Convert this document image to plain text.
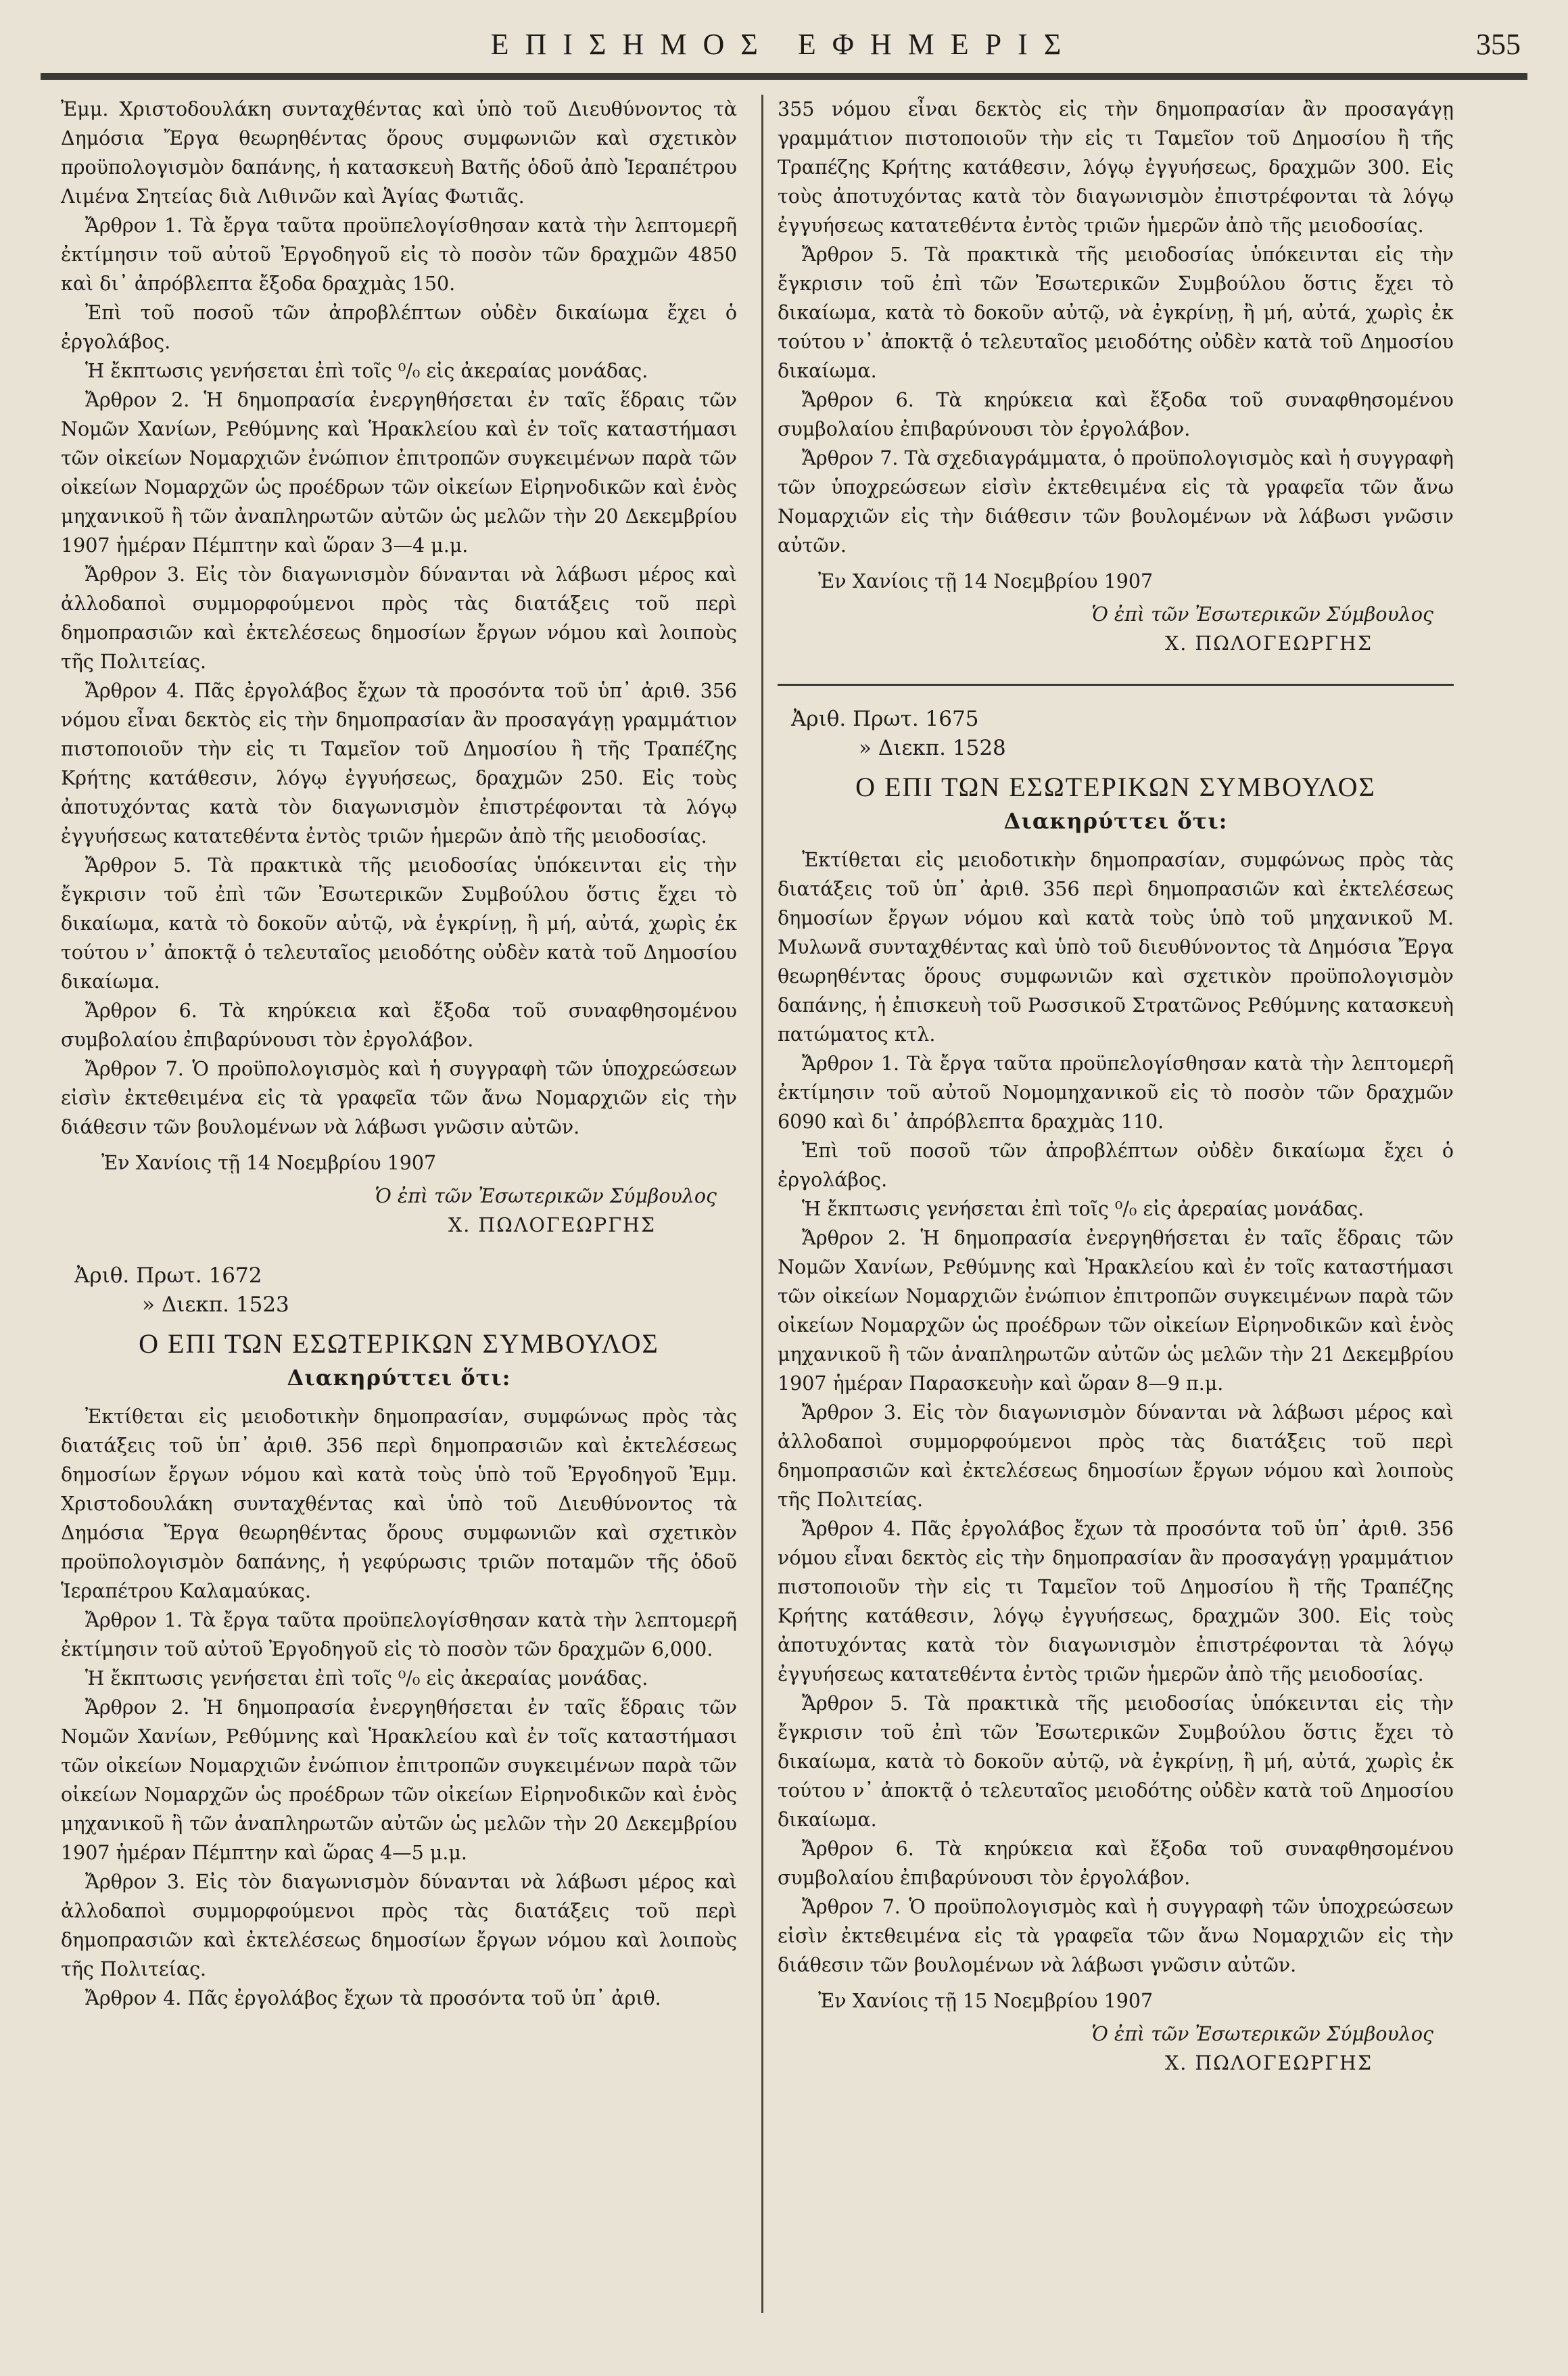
ΕΠΙΣΗΜΟΣ ΕΦΗΜΕΡΙΣ	355

Ἐμμ. Χριστοδουλάκη συνταχθέντας καὶ ὑπὸ τοῦ Διευθύνοντος τὰ Δημόσια Ἔργα θεωρηθέντας ὅρους συμφωνιῶν καὶ σχετικὸν προϋπολογισμὸν δαπάνης, ἡ κατασκευὴ Βατῆς ὁδοῦ ἀπὸ Ἱεραπέτρου Λιμένα Σητείας διὰ Λιθινῶν καὶ Ἁγίας Φωτιᾶς.

Ἄρθρον 1. Τὰ ἔργα ταῦτα προϋπελογίσθησαν κατὰ τὴν λεπτομερῆ ἐκτίμησιν τοῦ αὐτοῦ Ἐργοδηγοῦ εἰς τὸ ποσὸν τῶν δραχμῶν 4850 καὶ δι᾽ ἀπρόβλεπτα ἔξοδα δραχμὰς 150.

Ἐπὶ τοῦ ποσοῦ τῶν ἀπροβλέπτων οὐδὲν δικαίωμα ἔχει ὁ ἐργολάβος.

Ἡ ἔκπτωσις γενήσεται ἐπὶ τοῖς ⁰/₀ εἰς ἀκεραίας μονάδας.

Ἄρθρον 2. Ἡ δημοπρασία ἐνεργηθήσεται ἐν ταῖς ἕδραις τῶν Νομῶν Χανίων, Ρεθύμνης καὶ Ἡρακλείου καὶ ἐν τοῖς καταστήμασι τῶν οἰκείων Νομαρχιῶν ἐνώπιον ἐπιτροπῶν συγκειμένων παρὰ τῶν οἰκείων Νομαρχῶν ὡς προέδρων τῶν οἰκείων Εἰρηνοδικῶν καὶ ἑνὸς μηχανικοῦ ἢ τῶν ἀναπληρωτῶν αὐτῶν ὡς μελῶν τὴν 20 Δεκεμβρίου 1907 ἡμέραν Πέμπτην καὶ ὥραν 3—4 μ.μ.

Ἄρθρον 3. Εἰς τὸν διαγωνισμὸν δύνανται νὰ λάβωσι μέρος καὶ ἀλλοδαποὶ συμμορφούμενοι πρὸς τὰς διατάξεις τοῦ περὶ δημοπρασιῶν καὶ ἐκτελέσεως δημοσίων ἔργων νόμου καὶ λοιποὺς τῆς Πολιτείας.

Ἄρθρον 4. Πᾶς ἐργολάβος ἔχων τὰ προσόντα τοῦ ὑπ᾽ ἀριθ. 356 νόμου εἶναι δεκτὸς εἰς τὴν δημοπρασίαν ἂν προσαγάγῃ γραμμάτιον πιστοποιοῦν τὴν εἰς τι Ταμεῖον τοῦ Δημοσίου ἢ τῆς Τραπέζης Κρήτης κατάθεσιν, λόγῳ ἐγγυήσεως, δραχμῶν 250. Εἰς τοὺς ἀποτυχόντας κατὰ τὸν διαγωνισμὸν ἐπιστρέφονται τὰ λόγῳ ἐγγυήσεως κατατεθέντα ἐντὸς τριῶν ἡμερῶν ἀπὸ τῆς μειοδοσίας.

Ἄρθρον 5. Τὰ πρακτικὰ τῆς μειοδοσίας ὑπόκεινται εἰς τὴν ἔγκρισιν τοῦ ἐπὶ τῶν Ἐσωτερικῶν Συμβούλου ὅστις ἔχει τὸ δικαίωμα, κατὰ τὸ δοκοῦν αὐτῷ, νὰ ἐγκρίνῃ, ἢ μή, αὐτά, χωρὶς ἐκ τούτου ν᾽ ἀποκτᾷ ὁ τελευταῖος μειοδότης οὐδὲν κατὰ τοῦ Δημοσίου δικαίωμα.

Ἄρθρον 6. Τὰ κηρύκεια καὶ ἔξοδα τοῦ συναφθησομένου συμβολαίου ἐπιβαρύνουσι τὸν ἐργολάβον.

Ἄρθρον 7. Ὁ προϋπολογισμὸς καὶ ἡ συγγραφὴ τῶν ὑποχρεώσεων εἰσὶν ἐκτεθειμένα εἰς τὰ γραφεῖα τῶν ἄνω Νομαρχιῶν εἰς τὴν διάθεσιν τῶν βουλομένων νὰ λάβωσι γνῶσιν αὐτῶν.

Ἐν Χανίοις τῇ 14 Νοεμβρίου 1907
Ὁ ἐπὶ τῶν Ἐσωτερικῶν Σύμβουλος
Χ. ΠΩΛΟΓΕΩΡΓΗΣ
Ἀριθ. Πρωτ. 1672
» Διεκπ. 1523
Ο ΕΠΙ ΤΩΝ ΕΣΩΤΕΡΙΚΩΝ ΣΥΜΒΟΥΛΟΣ
Διακηρύττει ὅτι:

Ἐκτίθεται εἰς μειοδοτικὴν δημοπρασίαν, συμφώνως πρὸς τὰς διατάξεις τοῦ ὑπ᾽ ἀριθ. 356 περὶ δημοπρασιῶν καὶ ἐκτελέσεως δημοσίων ἔργων νόμου καὶ κατὰ τοὺς ὑπὸ τοῦ Ἐργοδηγοῦ Ἐμμ. Χριστοδουλάκη συνταχθέντας καὶ ὑπὸ τοῦ Διευθύνοντος τὰ Δημόσια Ἔργα θεωρηθέντας ὅρους συμφωνιῶν καὶ σχετικὸν προϋπολογισμὸν δαπάνης, ἡ γεφύρωσις τριῶν ποταμῶν τῆς ὁδοῦ Ἱεραπέτρου Καλαμαύκας.

Ἄρθρον 1. Τὰ ἔργα ταῦτα προϋπελογίσθησαν κατὰ τὴν λεπτομερῆ ἐκτίμησιν τοῦ αὐτοῦ Ἐργοδηγοῦ εἰς τὸ ποσὸν τῶν δραχμῶν 6,000.

Ἡ ἔκπτωσις γενήσεται ἐπὶ τοῖς ⁰/₀ εἰς ἀκεραίας μονάδας.

Ἄρθρον 2. Ἡ δημοπρασία ἐνεργηθήσεται ἐν ταῖς ἕδραις τῶν Νομῶν Χανίων, Ρεθύμνης καὶ Ἡρακλείου καὶ ἐν τοῖς καταστήμασι τῶν οἰκείων Νομαρχιῶν ἐνώπιον ἐπιτροπῶν συγκειμένων παρὰ τῶν οἰκείων Νομαρχῶν ὡς προέδρων τῶν οἰκείων Εἰρηνοδικῶν καὶ ἑνὸς μηχανικοῦ ἢ τῶν ἀναπληρωτῶν αὐτῶν ὡς μελῶν τὴν 20 Δεκεμβρίου 1907 ἡμέραν Πέμπτην καὶ ὥρας 4—5 μ.μ.

Ἄρθρον 3. Εἰς τὸν διαγωνισμὸν δύνανται νὰ λάβωσι μέρος καὶ ἀλλοδαποὶ συμμορφούμενοι πρὸς τὰς διατάξεις τοῦ περὶ δημοπρασιῶν καὶ ἐκτελέσεως δημοσίων ἔργων νόμου καὶ λοιποὺς τῆς Πολιτείας.

Ἄρθρον 4. Πᾶς ἐργολάβος ἔχων τὰ προσόντα τοῦ ὑπ᾽ ἀριθ.

355 νόμου εἶναι δεκτὸς εἰς τὴν δημοπρασίαν ἂν προσαγάγῃ γραμμάτιον πιστοποιοῦν τὴν εἰς τι Ταμεῖον τοῦ Δημοσίου ἢ τῆς Τραπέζης Κρήτης κατάθεσιν, λόγῳ ἐγγυήσεως, δραχμῶν 300. Εἰς τοὺς ἀποτυχόντας κατὰ τὸν διαγωνισμὸν ἐπιστρέφονται τὰ λόγῳ ἐγγυήσεως κατατεθέντα ἐντὸς τριῶν ἡμερῶν ἀπὸ τῆς μειοδοσίας.

Ἄρθρον 5. Τὰ πρακτικὰ τῆς μειοδοσίας ὑπόκεινται εἰς τὴν ἔγκρισιν τοῦ ἐπὶ τῶν Ἐσωτερικῶν Συμβούλου ὅστις ἔχει τὸ δικαίωμα, κατὰ τὸ δοκοῦν αὐτῷ, νὰ ἐγκρίνῃ, ἢ μή, αὐτά, χωρὶς ἐκ τούτου ν᾽ ἀποκτᾷ ὁ τελευταῖος μειοδότης οὐδὲν κατὰ τοῦ Δημοσίου δικαίωμα.

Ἄρθρον 6. Τὰ κηρύκεια καὶ ἔξοδα τοῦ συναφθησομένου συμβολαίου ἐπιβαρύνουσι τὸν ἐργολάβον.

Ἄρθρον 7. Τὰ σχεδιαγράμματα, ὁ προϋπολογισμὸς καὶ ἡ συγγραφὴ τῶν ὑποχρεώσεων εἰσὶν ἐκτεθειμένα εἰς τὰ γραφεῖα τῶν ἄνω Νομαρχιῶν εἰς τὴν διάθεσιν τῶν βουλομένων νὰ λάβωσι γνῶσιν αὐτῶν.

Ἐν Χανίοις τῇ 14 Νοεμβρίου 1907
Ὁ ἐπὶ τῶν Ἐσωτερικῶν Σύμβουλος
Χ. ΠΩΛΟΓΕΩΡΓΗΣ
Ἀριθ. Πρωτ. 1675
» Διεκπ. 1528
Ο ΕΠΙ ΤΩΝ ΕΣΩΤΕΡΙΚΩΝ ΣΥΜΒΟΥΛΟΣ
Διακηρύττει ὅτι:

Ἐκτίθεται εἰς μειοδοτικὴν δημοπρασίαν, συμφώνως πρὸς τὰς διατάξεις τοῦ ὑπ᾽ ἀριθ. 356 περὶ δημοπρασιῶν καὶ ἐκτελέσεως δημοσίων ἔργων νόμου καὶ κατὰ τοὺς ὑπὸ τοῦ μηχανικοῦ Μ. Μυλωνᾶ συνταχθέντας καὶ ὑπὸ τοῦ διευθύνοντος τὰ Δημόσια Ἔργα θεωρηθέντας ὅρους συμφωνιῶν καὶ σχετικὸν προϋπολογισμὸν δαπάνης, ἡ ἐπισκευὴ τοῦ Ρωσσικοῦ Στρατῶνος Ρεθύμνης κατασκευὴ πατώματος κτλ.

Ἄρθρον 1. Τὰ ἔργα ταῦτα προϋπελογίσθησαν κατὰ τὴν λεπτομερῆ ἐκτίμησιν τοῦ αὐτοῦ Νομομηχανικοῦ εἰς τὸ ποσὸν τῶν δραχμῶν 6090 καὶ δι᾽ ἀπρόβλεπτα δραχμὰς 110.

Ἐπὶ τοῦ ποσοῦ τῶν ἀπροβλέπτων οὐδὲν δικαίωμα ἔχει ὁ ἐργολάβος.

Ἡ ἔκπτωσις γενήσεται ἐπὶ τοῖς ⁰/₀ εἰς ἀρεραίας μονάδας.

Ἄρθρον 2. Ἡ δημοπρασία ἐνεργηθήσεται ἐν ταῖς ἕδραις τῶν Νομῶν Χανίων, Ρεθύμνης καὶ Ἡρακλείου καὶ ἐν τοῖς καταστήμασι τῶν οἰκείων Νομαρχιῶν ἐνώπιον ἐπιτροπῶν συγκειμένων παρὰ τῶν οἰκείων Νομαρχῶν ὡς προέδρων τῶν οἰκείων Εἰρηνοδικῶν καὶ ἑνὸς μηχανικοῦ ἢ τῶν ἀναπληρωτῶν αὐτῶν ὡς μελῶν τὴν 21 Δεκεμβρίου 1907 ἡμέραν Παρασκευὴν καὶ ὥραν 8—9 π.μ.

Ἄρθρον 3. Εἰς τὸν διαγωνισμὸν δύνανται νὰ λάβωσι μέρος καὶ ἀλλοδαποὶ συμμορφούμενοι πρὸς τὰς διατάξεις τοῦ περὶ δημοπρασιῶν καὶ ἐκτελέσεως δημοσίων ἔργων νόμου καὶ λοιποὺς τῆς Πολιτείας.

Ἄρθρον 4. Πᾶς ἐργολάβος ἔχων τὰ προσόντα τοῦ ὑπ᾽ ἀριθ. 356 νόμου εἶναι δεκτὸς εἰς τὴν δημοπρασίαν ἂν προσαγάγῃ γραμμάτιον πιστοποιοῦν τὴν εἰς τι Ταμεῖον τοῦ Δημοσίου ἢ τῆς Τραπέζης Κρήτης κατάθεσιν, λόγῳ ἐγγυήσεως, δραχμῶν 300. Εἰς τοὺς ἀποτυχόντας κατὰ τὸν διαγωνισμὸν ἐπιστρέφονται τὰ λόγῳ ἐγγυήσεως κατατεθέντα ἐντὸς τριῶν ἡμερῶν ἀπὸ τῆς μειοδοσίας.

Ἄρθρον 5. Τὰ πρακτικὰ τῆς μειοδοσίας ὑπόκεινται εἰς τὴν ἔγκρισιν τοῦ ἐπὶ τῶν Ἐσωτερικῶν Συμβούλου ὅστις ἔχει τὸ δικαίωμα, κατὰ τὸ δοκοῦν αὐτῷ, νὰ ἐγκρίνῃ, ἢ μή, αὐτά, χωρὶς ἐκ τούτου ν᾽ ἀποκτᾷ ὁ τελευταῖος μειοδότης οὐδὲν κατὰ τοῦ Δημοσίου δικαίωμα.

Ἄρθρον 6. Τὰ κηρύκεια καὶ ἔξοδα τοῦ συναφθησομένου συμβολαίου ἐπιβαρύνουσι τὸν ἐργολάβον.

Ἄρθρον 7. Ὁ προϋπολογισμὸς καὶ ἡ συγγραφὴ τῶν ὑποχρεώσεων εἰσὶν ἐκτεθειμένα εἰς τὰ γραφεῖα τῶν ἄνω Νομαρχιῶν εἰς τὴν διάθεσιν τῶν βουλομένων νὰ λάβωσι γνῶσιν αὐτῶν.

Ἐν Χανίοις τῇ 15 Νοεμβρίου 1907
Ὁ ἐπὶ τῶν Ἐσωτερικῶν Σύμβουλος
Χ. ΠΩΛΟΓΕΩΡΓΗΣ
